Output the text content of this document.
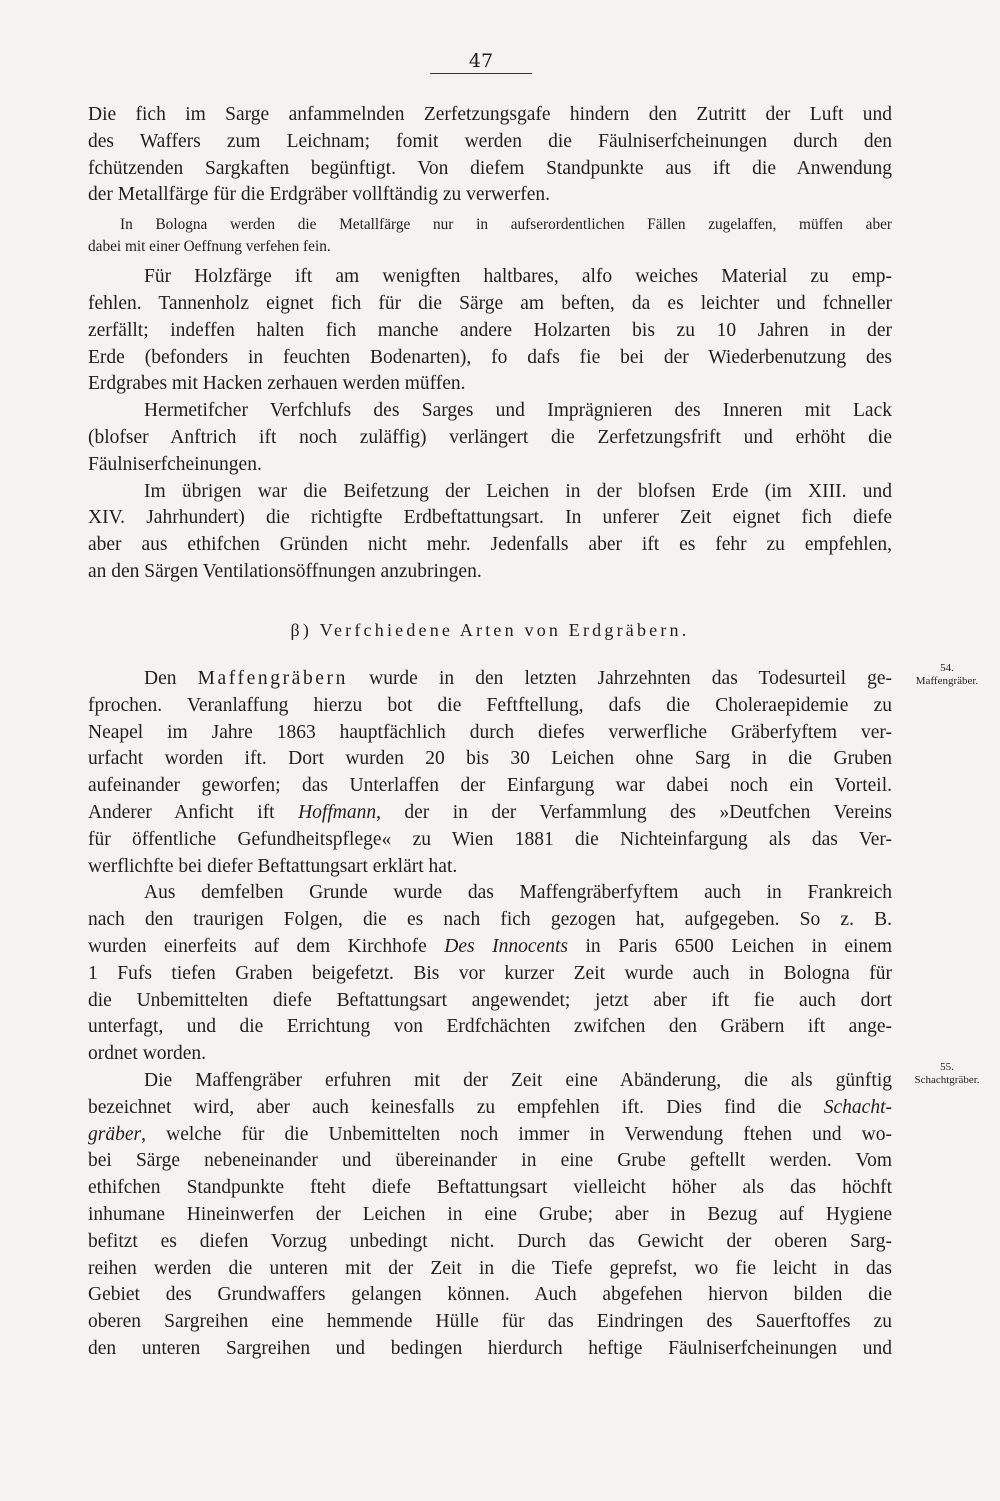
47
Die fich im Sarge anfammelnden Zerfetzungsgafe hindern den Zutritt der Luft und
des Waffers zum Leichnam; fomit werden die Fäulniserfcheinungen durch den
fchützenden Sargkaften begünftigt. Von diefem Standpunkte aus ift die Anwendung
der Metallfärge für die Erdgräber vollftändig zu verwerfen.
In Bologna werden die Metallfärge nur in aufserordentlichen Fällen zugelaffen, müffen aber
dabei mit einer Oeffnung verfehen fein.
Für Holzfärge ift am wenigften haltbares, alfo weiches Material zu emp-
fehlen. Tannenholz eignet fich für die Särge am beften, da es leichter und fchneller
zerfällt; indeffen halten fich manche andere Holzarten bis zu 10 Jahren in der
Erde (befonders in feuchten Bodenarten), fo dafs fie bei der Wiederbenutzung des
Erdgrabes mit Hacken zerhauen werden müffen.
Hermetifcher Verfchlufs des Sarges und Imprägnieren des Inneren mit Lack
(blofser Anftrich ift noch zuläffig) verlängert die Zerfetzungsfrift und erhöht die
Fäulniserfcheinungen.
Im übrigen war die Beifetzung der Leichen in der blofsen Erde (im XIII. und
XIV. Jahrhundert) die richtigfte Erdbeftattungsart. In unferer Zeit eignet fich diefe
aber aus ethifchen Gründen nicht mehr. Jedenfalls aber ift es fehr zu empfehlen,
an den Särgen Ventilationsöffnungen anzubringen.
β) Verfchiedene Arten von Erdgräbern.
Den Maffengräbern wurde in den letzten Jahrzehnten das Todesurteil ge-
fprochen. Veranlaffung hierzu bot die Feftftellung, dafs die Choleraepidemie zu
Neapel im Jahre 1863 hauptfächlich durch diefes verwerfliche Gräberfyftem ver-
urfacht worden ift. Dort wurden 20 bis 30 Leichen ohne Sarg in die Gruben
aufeinander geworfen; das Unterlaffen der Einfargung war dabei noch ein Vorteil.
Anderer Anficht ift Hoffmann, der in der Verfammlung des »Deutfchen Vereins
für öffentliche Gefundheitspflege« zu Wien 1881 die Nichteinfargung als das Ver-
werflichfte bei diefer Beftattungsart erklärt hat.
Aus demfelben Grunde wurde das Maffengräberfyftem auch in Frankreich
nach den traurigen Folgen, die es nach fich gezogen hat, aufgegeben. So z. B.
wurden einerfeits auf dem Kirchhofe Des Innocents in Paris 6500 Leichen in einem
1 Fufs tiefen Graben beigefetzt. Bis vor kurzer Zeit wurde auch in Bologna für
die Unbemittelten diefe Beftattungsart angewendet; jetzt aber ift fie auch dort
unterfagt, und die Errichtung von Erdfchächten zwifchen den Gräbern ift ange-
ordnet worden.
Die Maffengräber erfuhren mit der Zeit eine Abänderung, die als günftig
bezeichnet wird, aber auch keinesfalls zu empfehlen ift. Dies find die Schacht-
gräber, welche für die Unbemittelten noch immer in Verwendung ftehen und wo-
bei Särge nebeneinander und übereinander in eine Grube geftellt werden. Vom
ethifchen Standpunkte fteht diefe Beftattungsart vielleicht höher als das höchft
inhumane Hineinwerfen der Leichen in eine Grube; aber in Bezug auf Hygiene
befitzt es diefen Vorzug unbedingt nicht. Durch das Gewicht der oberen Sarg-
reihen werden die unteren mit der Zeit in die Tiefe geprefst, wo fie leicht in das
Gebiet des Grundwaffers gelangen können. Auch abgefehen hiervon bilden die
oberen Sargreihen eine hemmende Hülle für das Eindringen des Sauerftoffes zu
den unteren Sargreihen und bedingen hierdurch heftige Fäulniserfcheinungen und
54.
Maffengräber.
55.
Schachtgräber.
